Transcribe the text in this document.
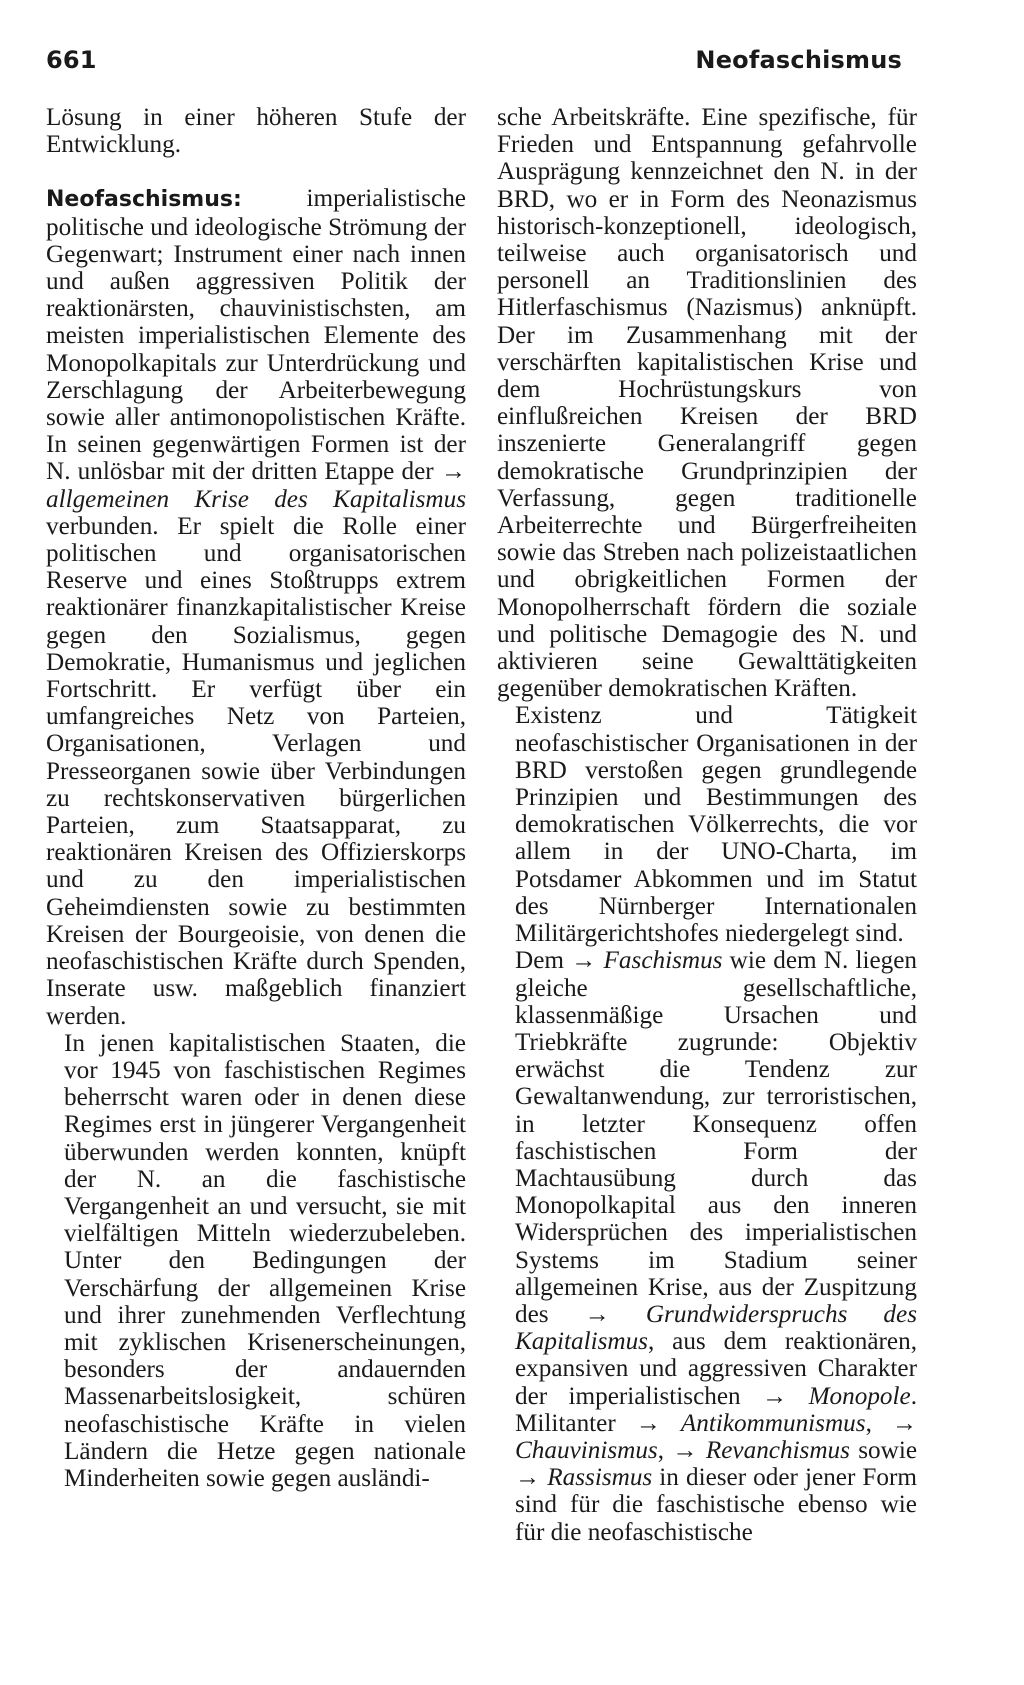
661	Neofaschismus

Lösung in einer höheren Stufe der Entwicklung.

Neofaschismus: imperialistische politische und ideologische Strömung der Gegenwart; Instrument einer nach innen und außen aggressiven Politik der reaktionärsten, chauvinistischsten, am meisten imperialistischen Elemente des Monopolkapitals zur Unterdrückung und Zerschlagung der Arbeiterbewegung sowie aller antimonopolistischen Kräfte. In seinen gegenwärtigen Formen ist der N. unlösbar mit der dritten Etappe der → allgemeinen Krise des Kapitalismus verbunden. Er spielt die Rolle einer politischen und organisatorischen Reserve und eines Stoßtrupps extrem reaktionärer finanzkapitalistischer Kreise gegen den Sozialismus, gegen Demokratie, Humanismus und jeglichen Fortschritt. Er verfügt über ein umfangreiches Netz von Parteien, Organisationen, Verlagen und Presseorganen sowie über Verbindungen zu rechtskonservativen bürgerlichen Parteien, zum Staatsapparat, zu reaktionären Kreisen des Offizierskorps und zu den imperialistischen Geheimdiensten sowie zu bestimmten Kreisen der Bourgeoisie, von denen die neofaschistischen Kräfte durch Spenden, Inserate usw. maßgeblich finanziert werden.

In jenen kapitalistischen Staaten, die vor 1945 von faschistischen Regimes beherrscht waren oder in denen diese Regimes erst in jüngerer Vergangenheit überwunden werden konnten, knüpft der N. an die faschistische Vergangenheit an und versucht, sie mit vielfältigen Mitteln wiederzubeleben. Unter den Bedingungen der Verschärfung der allgemeinen Krise und ihrer zunehmenden Verflechtung mit zyklischen Krisenerscheinungen, besonders der andauernden Massenarbeitslosigkeit, schüren neofaschistische Kräfte in vielen Ländern die Hetze gegen nationale Minderheiten sowie gegen ausländi-

sche Arbeitskräfte. Eine spezifische, für Frieden und Entspannung gefahrvolle Ausprägung kennzeichnet den N. in der BRD, wo er in Form des Neonazismus historisch-konzeptionell, ideologisch, teilweise auch organisatorisch und personell an Traditionslinien des Hitlerfaschismus (Nazismus) anknüpft. Der im Zusammenhang mit der verschärften kapitalistischen Krise und dem Hochrüstungskurs von einflußreichen Kreisen der BRD inszenierte Generalangriff gegen demokratische Grundprinzipien der Verfassung, gegen traditionelle Arbeiterrechte und Bürgerfreiheiten sowie das Streben nach polizeistaatlichen und obrigkeitlichen Formen der Monopolherrschaft fördern die soziale und politische Demagogie des N. und aktivieren seine Gewalttätigkeiten gegenüber demokratischen Kräften.

Existenz und Tätigkeit neofaschistischer Organisationen in der BRD verstoßen gegen grundlegende Prinzipien und Bestimmungen des demokratischen Völkerrechts, die vor allem in der UNO-Charta, im Potsdamer Abkommen und im Statut des Nürnberger Internationalen Militärgerichtshofes niedergelegt sind.

Dem → Faschismus wie dem N. liegen gleiche gesellschaftliche, klassenmäßige Ursachen und Triebkräfte zugrunde: Objektiv erwächst die Tendenz zur Gewaltanwendung, zur terroristischen, in letzter Konsequenz offen faschistischen Form der Machtausübung durch das Monopolkapital aus den inneren Widersprüchen des imperialistischen Systems im Stadium seiner allgemeinen Krise, aus der Zuspitzung des → Grundwiderspruchs des Kapitalismus, aus dem reaktionären, expansiven und aggressiven Charakter der imperialistischen → Monopole. Militanter → Antikommunismus, → Chauvinismus, → Revanchismus sowie → Rassismus in dieser oder jener Form sind für die faschistische ebenso wie für die neofaschistische
